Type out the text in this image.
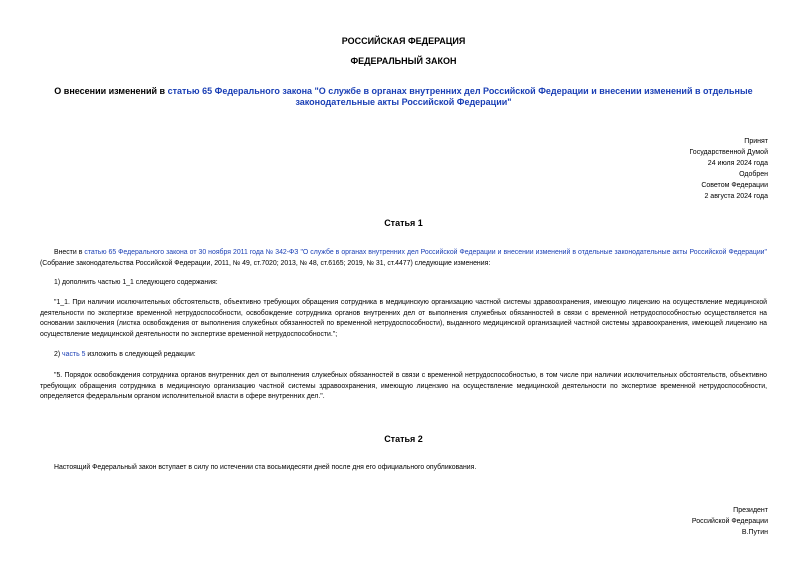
РОССИЙСКАЯ ФЕДЕРАЦИЯ
ФЕДЕРАЛЬНЫЙ ЗАКОН
О внесении изменений в статью 65 Федерального закона "О службе в органах внутренних дел Российской Федерации и внесении изменений в отдельные законодательные акты Российской Федерации"
Принят
Государственной Думой
24 июля 2024 года
Одобрен
Советом Федерации
2 августа 2024 года
Статья 1
Внести в статью 65 Федерального закона от 30 ноября 2011 года № 342-ФЗ "О службе в органах внутренних дел Российской Федерации и внесении изменений в отдельные законодательные акты Российской Федерации" (Собрание законодательства Российской Федерации, 2011, № 49, ст.7020; 2013, № 48, ст.6165; 2019, № 31, ст.4477) следующие изменения:
1) дополнить частью 1_1 следующего содержания:
"1_1. При наличии исключительных обстоятельств, объективно требующих обращения сотрудника в медицинскую организацию частной системы здравоохранения, имеющую лицензию на осуществление медицинской деятельности по экспертизе временной нетрудоспособности, освобождение сотрудника органов внутренних дел от выполнения служебных обязанностей в связи с временной нетрудоспособностью осуществляется на основании заключения (листка освобождения от выполнения служебных обязанностей по временной нетрудоспособности), выданного медицинской организацией частной системы здравоохранения, имеющей лицензию на осуществление медицинской деятельности по экспертизе временной нетрудоспособности.";
2) часть 5 изложить в следующей редакции:
"5. Порядок освобождения сотрудника органов внутренних дел от выполнения служебных обязанностей в связи с временной нетрудоспособностью, в том числе при наличии исключительных обстоятельств, объективно требующих обращения сотрудника в медицинскую организацию частной системы здравоохранения, имеющую лицензию на осуществление медицинской деятельности по экспертизе временной нетрудоспособности, определяется федеральным органом исполнительной власти в сфере внутренних дел.".
Статья 2
Настоящий Федеральный закон вступает в силу по истечении ста восьмидесяти дней после дня его официального опубликования.
Президент
Российской Федерации
В.Путин
